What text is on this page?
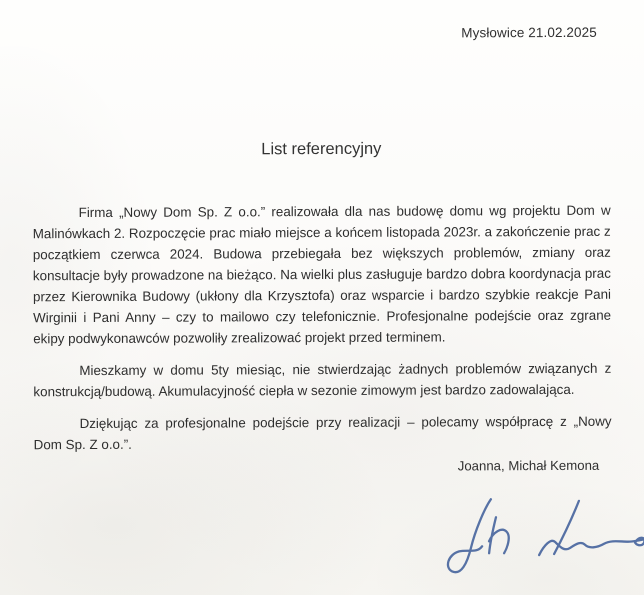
Mysłowice 21.02.2025
List referencyjny

Firma „Nowy Dom Sp. Z o.o.” realizowała dla nas budowę domu wg projektu Dom w Malinówkach 2. Rozpoczęcie prac miało miejsce a końcem listopada 2023r. a zakończenie prac z początkiem czerwca 2024. Budowa przebiegała bez większych problemów, zmiany oraz konsultacje były prowadzone na bieżąco. Na wielki plus zasługuje bardzo dobra koordynacja prac przez Kierownika Budowy (ukłony dla Krzysztofa) oraz wsparcie i bardzo szybkie reakcje Pani Wirginii i Pani Anny – czy to mailowo czy telefonicznie. Profesjonalne podejście oraz zgrane ekipy podwykonawców pozwoliły zrealizować projekt przed terminem.

Mieszkamy w domu 5ty miesiąc, nie stwierdzając żadnych problemów związanych z konstrukcją/budową. Akumulacyjność ciepła w sezonie zimowym jest bardzo zadowalająca.

Dziękując za profesjonalne podejście przy realizacji – polecamy współpracę z „Nowy Dom Sp. Z o.o.”.

Joanna, Michał Kemona
